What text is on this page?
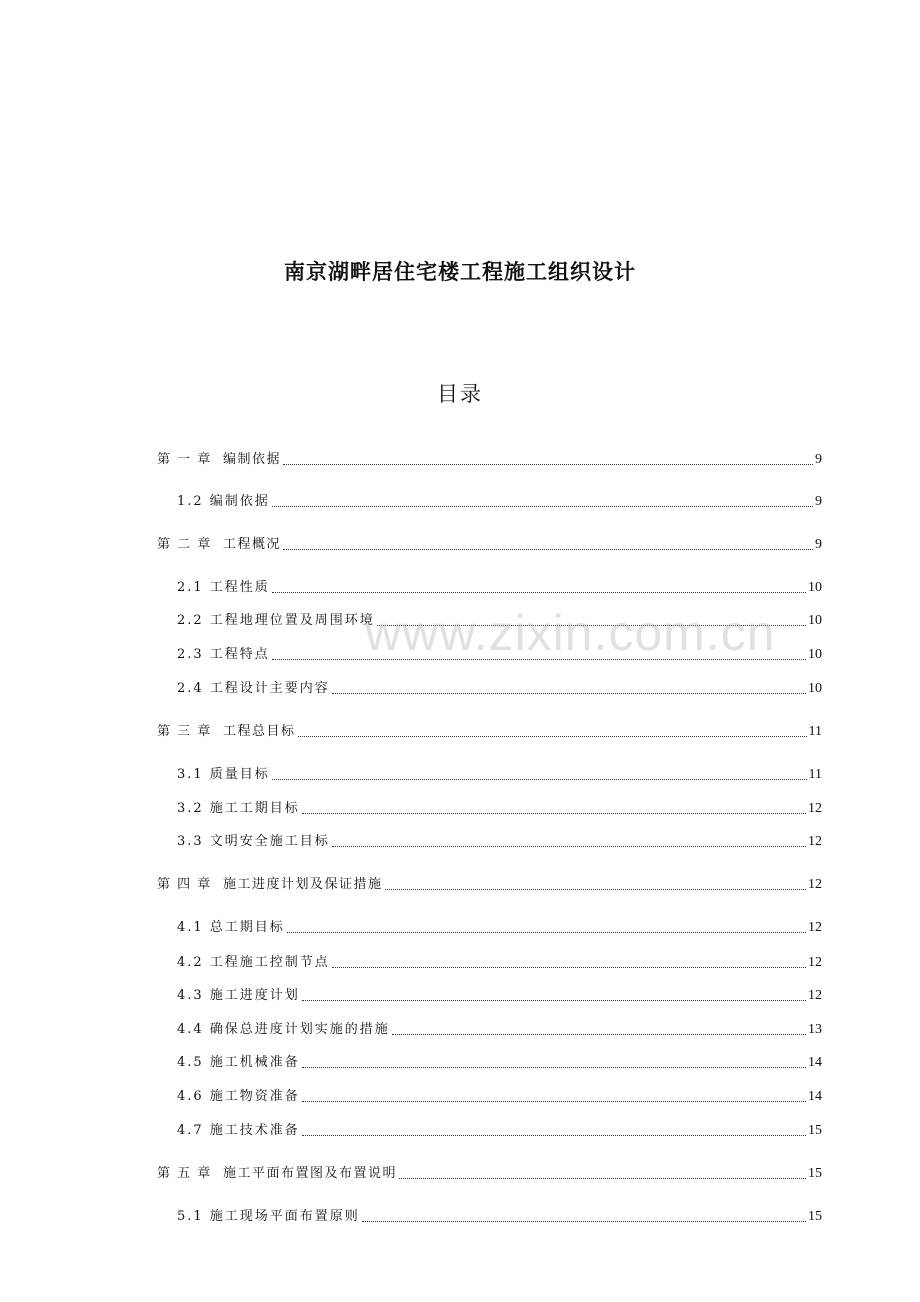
南京湖畔居住宅楼工程施工组织设计
目录
第 一 章  编制依据	9
1.2 编制依据	9
第 二 章  工程概况	9
2.1 工程性质	10
2.2 工程地理位置及周围环境	10
2.3 工程特点	10
2.4 工程设计主要内容	10
第 三 章  工程总目标	11
3.1 质量目标	11
3.2 施工工期目标	12
3.3 文明安全施工目标	12
第 四 章  施工进度计划及保证措施	12
4.1 总工期目标	12
4.2 工程施工控制节点	12
4.3 施工进度计划	12
4.4 确保总进度计划实施的措施	13
4.5 施工机械准备	14
4.6 施工物资准备	14
4.7 施工技术准备	15
第 五 章  施工平面布置图及布置说明	15
5.1 施工现场平面布置原则	15
www.zixin.com.cn
